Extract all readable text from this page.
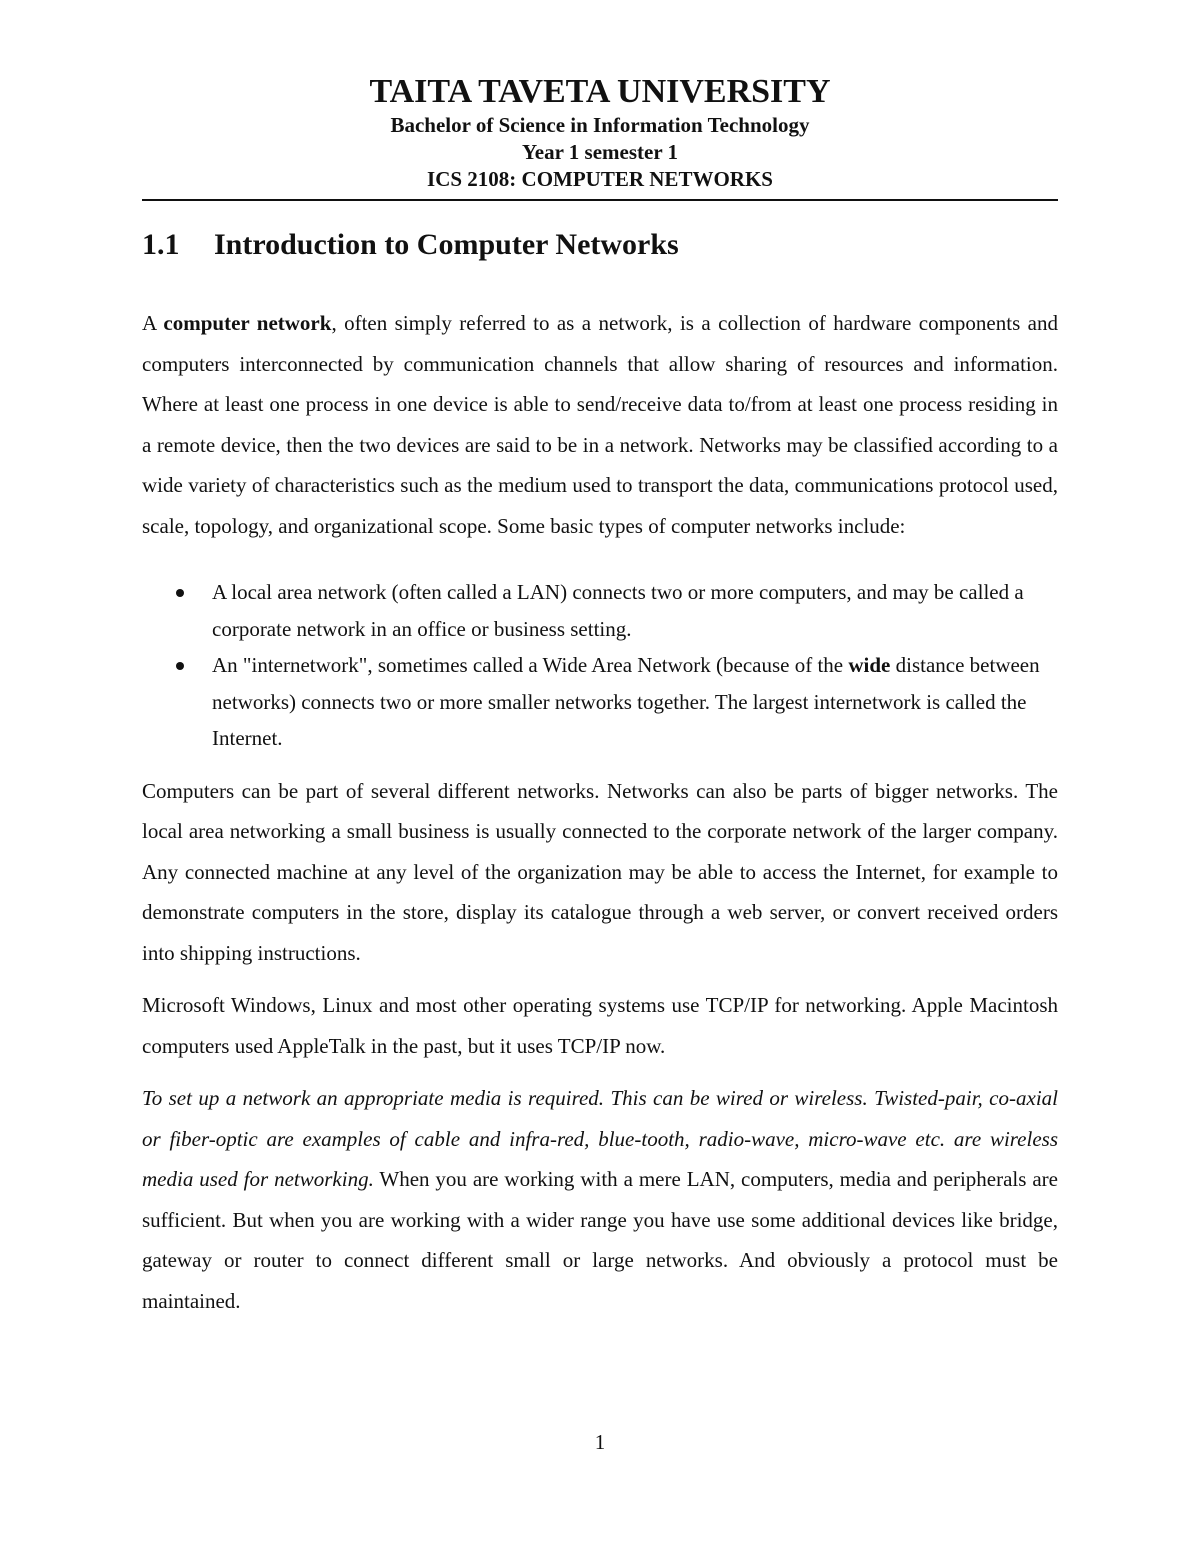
TAITA TAVETA UNIVERSITY

Bachelor of Science in Information Technology

Year 1 semester 1

ICS 2108: COMPUTER NETWORKS

1.1	Introduction to Computer Networks

A computer network, often simply referred to as a network, is a collection of hardware components and computers interconnected by communication channels that allow sharing of resources and information. Where at least one process in one device is able to send/receive data to/from at least one process residing in a remote device, then the two devices are said to be in a network. Networks may be classified according to a wide variety of characteristics such as the medium used to transport the data, communications protocol used, scale, topology, and organizational scope. Some basic types of computer networks include:

A local area network (often called a LAN) connects two or more computers, and may be called a corporate network in an office or business setting.
An "internetwork", sometimes called a Wide Area Network (because of the wide distance between networks) connects two or more smaller networks together. The largest internetwork is called the Internet.

Computers can be part of several different networks. Networks can also be parts of bigger networks. The local area networking a small business is usually connected to the corporate network of the larger company. Any connected machine at any level of the organization may be able to access the Internet, for example to demonstrate computers in the store, display its catalogue through a web server, or convert received orders into shipping instructions.

Microsoft Windows, Linux and most other operating systems use TCP/IP for networking. Apple Macintosh computers used AppleTalk in the past, but it uses TCP/IP now.

To set up a network an appropriate media is required. This can be wired or wireless. Twisted-pair, co-axial or fiber-optic are examples of cable and infra-red, blue-tooth, radio-wave, micro-wave etc. are wireless media used for networking. When you are working with a mere LAN, computers, media and peripherals are sufficient. But when you are working with a wider range you have use some additional devices like bridge, gateway or router to connect different small or large networks. And obviously a protocol must be maintained.

1
